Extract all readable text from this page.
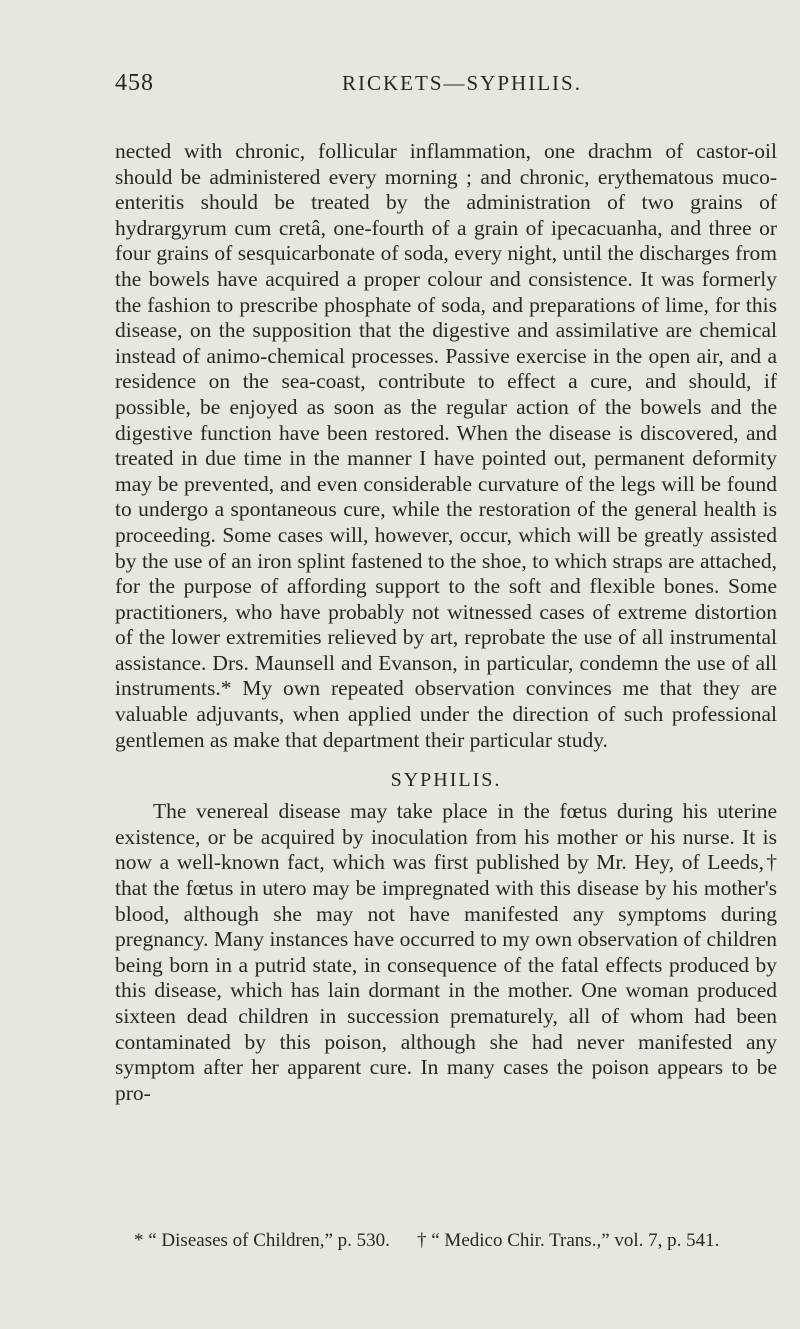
458	RICKETS—SYPHILIS.

nected with chronic, follicular inflammation, one drachm of castor-oil should be administered every morning ; and chronic, erythematous muco-enteritis should be treated by the administration of two grains of hydrargyrum cum cretâ, one-fourth of a grain of ipecacuanha, and three or four grains of sesquicarbonate of soda, every night, until the discharges from the bowels have acquired a proper colour and consistence. It was formerly the fashion to prescribe phosphate of soda, and preparations of lime, for this disease, on the supposition that the digestive and assimilative are chemical instead of animo-chemical processes. Passive exercise in the open air, and a residence on the sea-coast, contribute to effect a cure, and should, if possible, be enjoyed as soon as the regular action of the bowels and the digestive function have been restored. When the disease is discovered, and treated in due time in the manner I have pointed out, permanent deformity may be prevented, and even considerable curvature of the legs will be found to undergo a spontaneous cure, while the restoration of the general health is proceeding. Some cases will, however, occur, which will be greatly assisted by the use of an iron splint fastened to the shoe, to which straps are attached, for the purpose of affording support to the soft and flexible bones. Some practitioners, who have probably not witnessed cases of extreme distortion of the lower extremities relieved by art, reprobate the use of all instrumental assistance. Drs. Maunsell and Evanson, in particular, condemn the use of all instruments.* My own repeated observation convinces me that they are valuable adjuvants, when applied under the direction of such professional gentlemen as make that department their particular study.

SYPHILIS.

The venereal disease may take place in the fœtus during his uterine existence, or be acquired by inoculation from his mother or his nurse. It is now a well-known fact, which was first published by Mr. Hey, of Leeds,† that the fœtus in utero may be impregnated with this disease by his mother's blood, although she may not have manifested any symptoms during pregnancy. Many instances have occurred to my own observation of children being born in a putrid state, in consequence of the fatal effects produced by this disease, which has lain dormant in the mother. One woman produced sixteen dead children in succession prematurely, all of whom had been contaminated by this poison, although she had never manifested any symptom after her apparent cure. In many cases the poison appears to be pro-

* “ Diseases of Children,” p. 530. † “ Medico Chir. Trans.,” vol. 7, p. 541.
